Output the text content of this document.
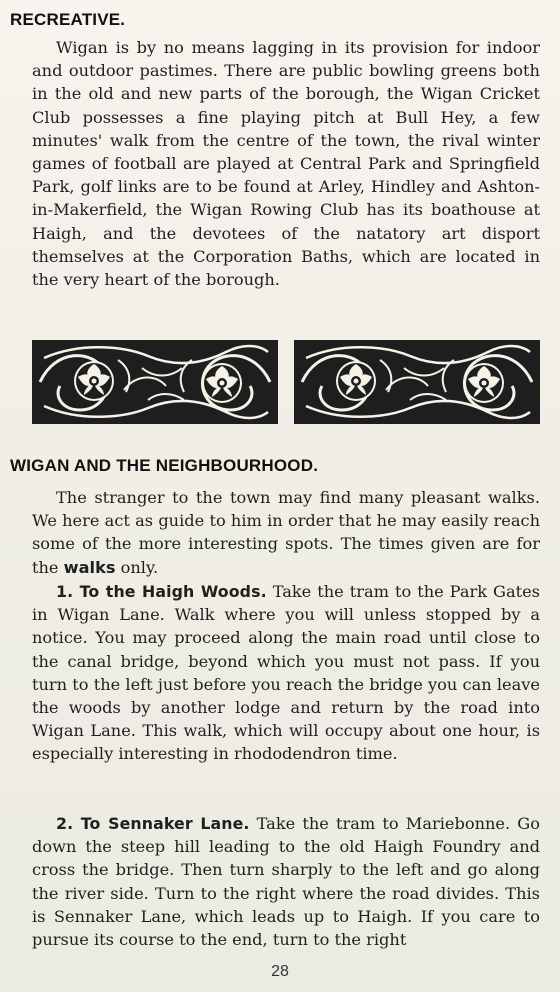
RECREATIVE.
Wigan is by no means lagging in its provision for indoor and outdoor pastimes. There are public bowling greens both in the old and new parts of the borough, the Wigan Cricket Club possesses a fine playing pitch at Bull Hey, a few minutes' walk from the centre of the town, the rival winter games of football are played at Central Park and Springfield Park, golf links are to be found at Arley, Hindley and Ashton-in-Makerfield, the Wigan Rowing Club has its boathouse at Haigh, and the devotees of the natatory art disport themselves at the Corporation Baths, which are located in the very heart of the borough.
WIGAN AND THE NEIGHBOURHOOD.
The stranger to the town may find many pleasant walks. We here act as guide to him in order that he may easily reach some of the more interesting spots. The times given are for the walks only.
1. To the Haigh Woods. Take the tram to the Park Gates in Wigan Lane. Walk where you will unless stopped by a notice. You may proceed along the main road until close to the canal bridge, beyond which you must not pass. If you turn to the left just before you reach the bridge you can leave the woods by another lodge and return by the road into Wigan Lane. This walk, which will occupy about one hour, is especially interesting in rhododendron time.
2. To Sennaker Lane. Take the tram to Mariebonne. Go down the steep hill leading to the old Haigh Foundry and cross the bridge. Then turn sharply to the left and go along the river side. Turn to the right where the road divides. This is Sennaker Lane, which leads up to Haigh. If you care to pursue its course to the end, turn to the right
28
